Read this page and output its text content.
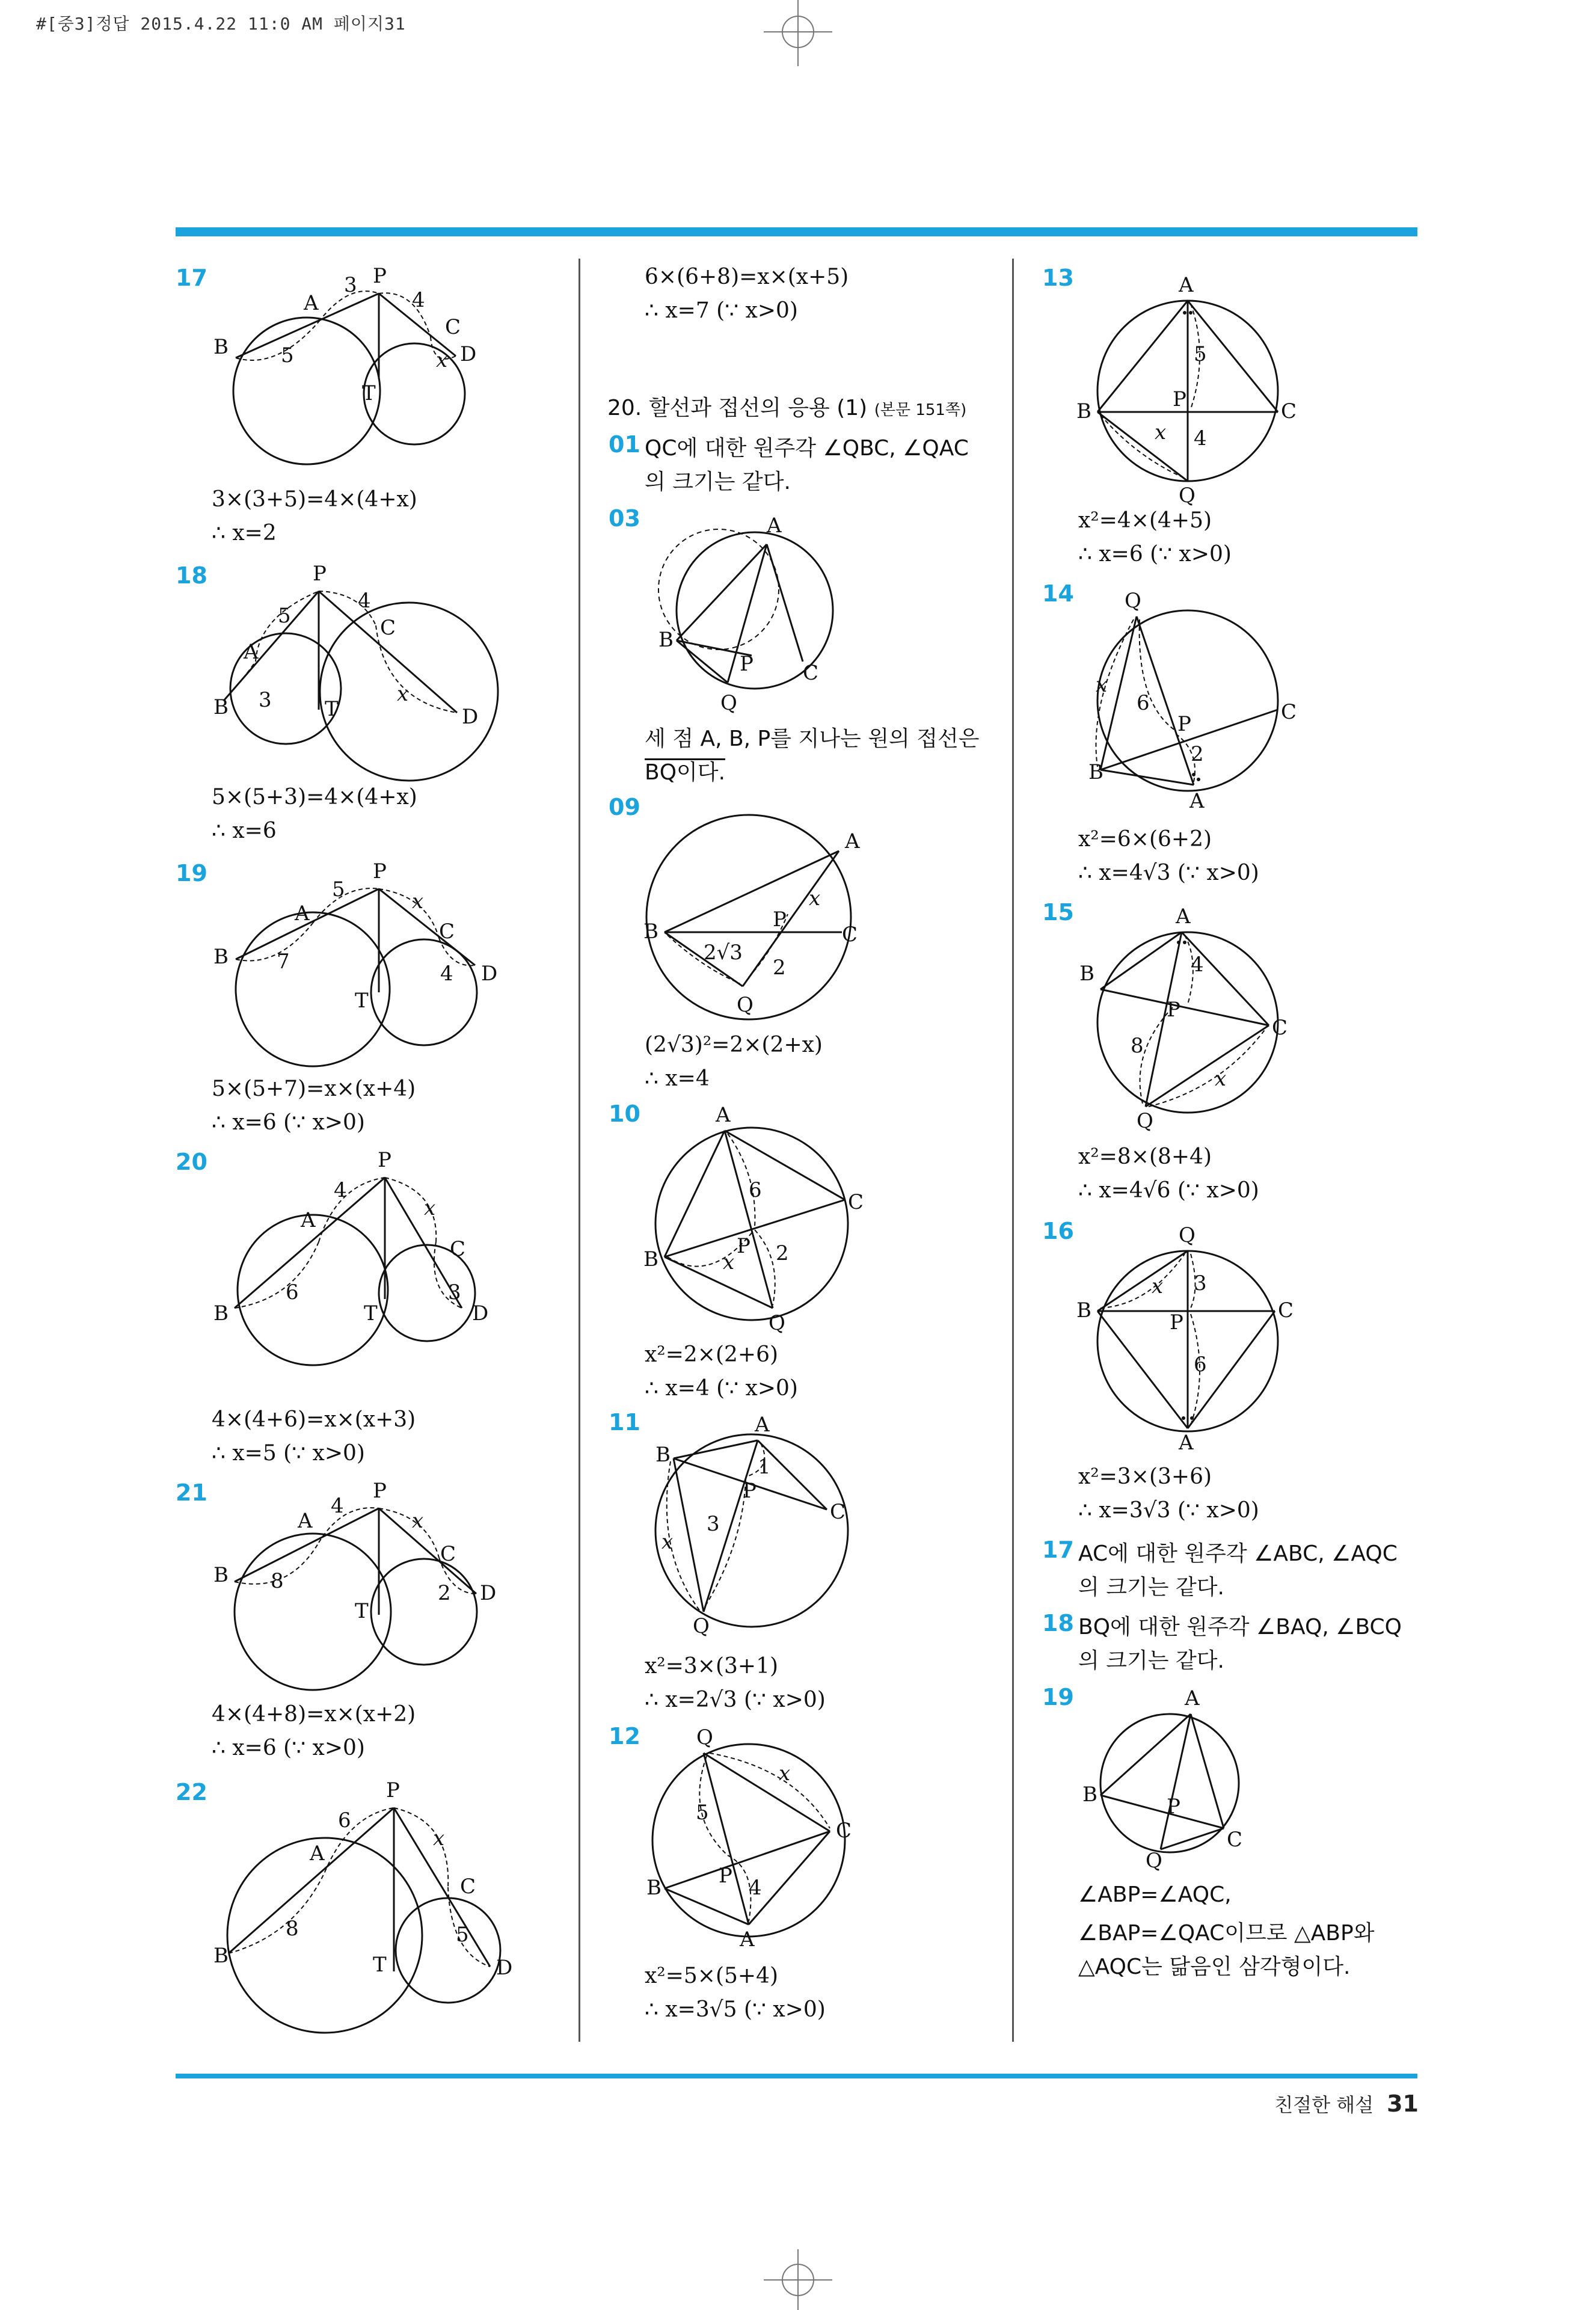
#[중3]정답 2015.4.22 11:0 AM 페이지31
17
B
A
3 P
4
C
D
5	x
T
3×(3+5)=4×(4+x)
∴ x=2
18
B
A
5
P
4
C
D
3	x
T
5×(5+3)=4×(4+x)
∴ x=6
19
B
A
5
P
x
C
D
7	4
T
5×(5+7)=x×(x+4)
∴ x=6 (∵ x>0)
20
B
A
4
P
x
C
D
6	3
T
4×(4+6)=x×(x+3)
∴ x=5 (∵ x>0)
21
B
A
4
P
x
C
D
8	2
T
4×(4+8)=x×(x+2)
∴ x=6 (∵ x>0)
22
B
A
6
P
x
C
D
8	5
T
6×(6+8)=x×(x+5)
∴ x=7 (∵ x>0)
20. 할선과 접선의 응용 (1) (본문 151쪽)
01 QC에 대한 원주각 ∠QBC, ∠QAC
의 크기는 같다.
03	A
B
P C
Q
세 점 A, B, P를 지나는 원의 접선은
BQ이다.
09
A
B	P
C
Q
2√3
2
x
(2√3)²=2×(2+x)
∴ x=4
10	A
B
P
C
Q
6
2
x
x²=2×(2+6)
∴ x=4 (∵ x>0)
11	A
B
P
C
Q
1
3
x
x²=3×(3+1)
∴ x=2√3 (∵ x>0)
12	Q
B	P
C
A
5
4
x
x²=5×(5+4)
∴ x=3√5 (∵ x>0)
13	A
B	P	C
Q
5
4
x
x²=4×(4+5)
∴ x=6 (∵ x>0)
14 Q
B
P	C
A
6
2
x
x²=6×(6+2)
∴ x=4√3 (∵ x>0)
15	A
B
P
C
Q
4
8
x
x²=8×(8+4)
∴ x=4√6 (∵ x>0)
16	Q
B	P	C
A
3
6
x
x²=3×(3+6)
∴ x=3√3 (∵ x>0)
17 AC에 대한 원주각 ∠ABC, ∠AQC
의 크기는 같다.
18 BQ에 대한 원주각 ∠BAQ, ∠BCQ
의 크기는 같다.
19	A
B	P
C
Q
∠ABP=∠AQC,
∠BAP=∠QAC이므로 △ABP와
△AQC는 닮음인 삼각형이다.
친절한 해설 31
